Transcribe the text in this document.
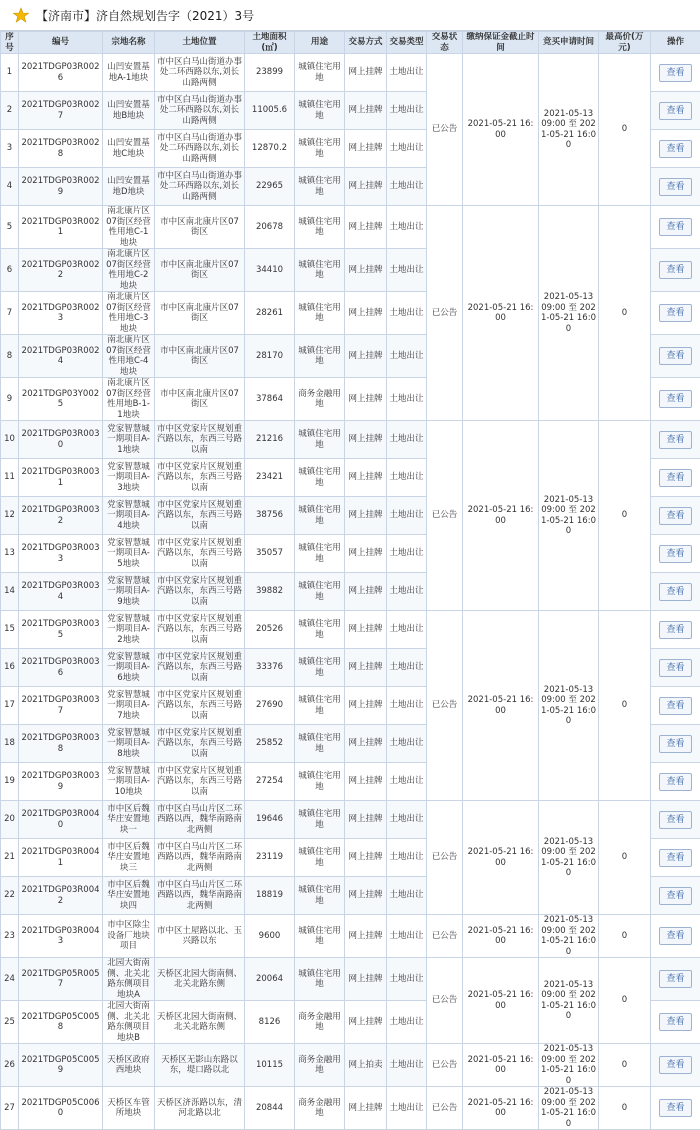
【济南市】济自然规划告字（2021）3号
序号	编号	宗地名称	土地位置	土地面积(㎡)	用途	交易方式	交易类型	交易状态	缴纳保证金截止时间	竞买申请时间	最高价(万元)	操作
1	2021TDGP03R0026	山凹安置基地A-1地块	市中区白马山街道办事处二环西路以东,刘长山路两侧	23899	城镇住宅用地	网上挂牌	土地出让	已公告	2021-05-21 16:00	2021-05-13 09:00 至 2021-05-21 16:00	0	查看
2	2021TDGP03R0027	山凹安置基地B地块	市中区白马山街道办事处二环西路以东,刘长山路两侧	11005.6	城镇住宅用地	网上挂牌	土地出让					查看
3	2021TDGP03R0028	山凹安置基地C地块	市中区白马山街道办事处二环西路以东,刘长山路两侧	12870.2	城镇住宅用地	网上挂牌	土地出让					查看
4	2021TDGP03R0029	山凹安置基地D地块	市中区白马山街道办事处二环西路以东,刘长山路两侧	22965	城镇住宅用地	网上挂牌	土地出让					查看
5	2021TDGP03R0021	南北康片区07街区经营性用地C-1地块	市中区南北康片区07街区	20678	城镇住宅用地	网上挂牌	土地出让	已公告	2021-05-21 16:00	2021-05-13 09:00 至 2021-05-21 16:00	0	查看
6	2021TDGP03R0022	南北康片区07街区经营性用地C-2地块	市中区南北康片区07街区	34410	城镇住宅用地	网上挂牌	土地出让					查看
7	2021TDGP03R0023	南北康片区07街区经营性用地C-3地块	市中区南北康片区07街区	28261	城镇住宅用地	网上挂牌	土地出让					查看
8	2021TDGP03R0024	南北康片区07街区经营性用地C-4地块	市中区南北康片区07街区	28170	城镇住宅用地	网上挂牌	土地出让					查看
9	2021TDGP03Y0025	南北康片区07街区经营性用地B-1-1地块	市中区南北康片区07街区	37864	商务金融用地	网上挂牌	土地出让					查看
10	2021TDGP03R0030	党家智慧城一期项目A-1地块	市中区党家片区规划重汽路以东，东西三号路以南	21216	城镇住宅用地	网上挂牌	土地出让	已公告	2021-05-21 16:00	2021-05-13 09:00 至 2021-05-21 16:00	0	查看
11	2021TDGP03R0031	党家智慧城一期项目A-3地块	市中区党家片区规划重汽路以东，东西三号路以南	23421	城镇住宅用地	网上挂牌	土地出让					查看
12	2021TDGP03R0032	党家智慧城一期项目A-4地块	市中区党家片区规划重汽路以东，东西三号路以南	38756	城镇住宅用地	网上挂牌	土地出让					查看
13	2021TDGP03R0033	党家智慧城一期项目A-5地块	市中区党家片区规划重汽路以东，东西三号路以南	35057	城镇住宅用地	网上挂牌	土地出让					查看
14	2021TDGP03R0034	党家智慧城一期项目A-9地块	市中区党家片区规划重汽路以东，东西三号路以南	39882	城镇住宅用地	网上挂牌	土地出让					查看
15	2021TDGP03R0035	党家智慧城一期项目A-2地块	市中区党家片区规划重汽路以东，东西三号路以南	20526	城镇住宅用地	网上挂牌	土地出让	已公告	2021-05-21 16:00	2021-05-13 09:00 至 2021-05-21 16:00	0	查看
16	2021TDGP03R0036	党家智慧城一期项目A-6地块	市中区党家片区规划重汽路以东，东西三号路以南	33376	城镇住宅用地	网上挂牌	土地出让					查看
17	2021TDGP03R0037	党家智慧城一期项目A-7地块	市中区党家片区规划重汽路以东，东西三号路以南	27690	城镇住宅用地	网上挂牌	土地出让					查看
18	2021TDGP03R0038	党家智慧城一期项目A-8地块	市中区党家片区规划重汽路以东，东西三号路以南	25852	城镇住宅用地	网上挂牌	土地出让					查看
19	2021TDGP03R0039	党家智慧城一期项目A-10地块	市中区党家片区规划重汽路以东，东西三号路以南	27254	城镇住宅用地	网上挂牌	土地出让					查看
20	2021TDGP03R0040	市中区后魏华庄安置地块一	市中区白马山片区二环西路以西，魏华南路南北两侧	19646	城镇住宅用地	网上挂牌	土地出让	已公告	2021-05-21 16:00	2021-05-13 09:00 至 2021-05-21 16:00	0	查看
21	2021TDGP03R0041	市中区后魏华庄安置地块三	市中区白马山片区二环西路以西，魏华南路南北两侧	23119	城镇住宅用地	网上挂牌	土地出让					查看
22	2021TDGP03R0042	市中区后魏华庄安置地块四	市中区白马山片区二环西路以西，魏华南路南北两侧	18819	城镇住宅用地	网上挂牌	土地出让					查看
23	2021TDGP03R0043	市中区除尘设备厂地块项目	市中区土屋路以北、玉兴路以东	9600	城镇住宅用地	网上挂牌	土地出让	已公告	2021-05-21 16:00	2021-05-13 09:00 至 2021-05-21 16:00	0	查看
24	2021TDGP05R0057	北园大街南侧、北关北路东侧项目地块A	天桥区北园大街南侧、北关北路东侧	20064	城镇住宅用地	网上挂牌	土地出让	已公告	2021-05-21 16:00	2021-05-13 09:00 至 2021-05-21 16:00	0	查看
25	2021TDGP05C0058	北园大街南侧、北关北路东侧项目地块B	天桥区北园大街南侧、北关北路东侧	8126	商务金融用地	网上挂牌	土地出让					查看
26	2021TDGP05C0059	天桥区政府西地块	天桥区无影山东路以东，堤口路以北	10115	商务金融用地	网上拍卖	土地出让	已公告	2021-05-21 16:00	2021-05-13 09:00 至 2021-05-21 16:00	0	查看
27	2021TDGP05C0060	天桥区车管所地块	天桥区济泺路以东，清河北路以北	20844	商务金融用地	网上挂牌	土地出让	已公告	2021-05-21 16:00	2021-05-13 09:00 至 2021-05-21 16:00	0	查看
